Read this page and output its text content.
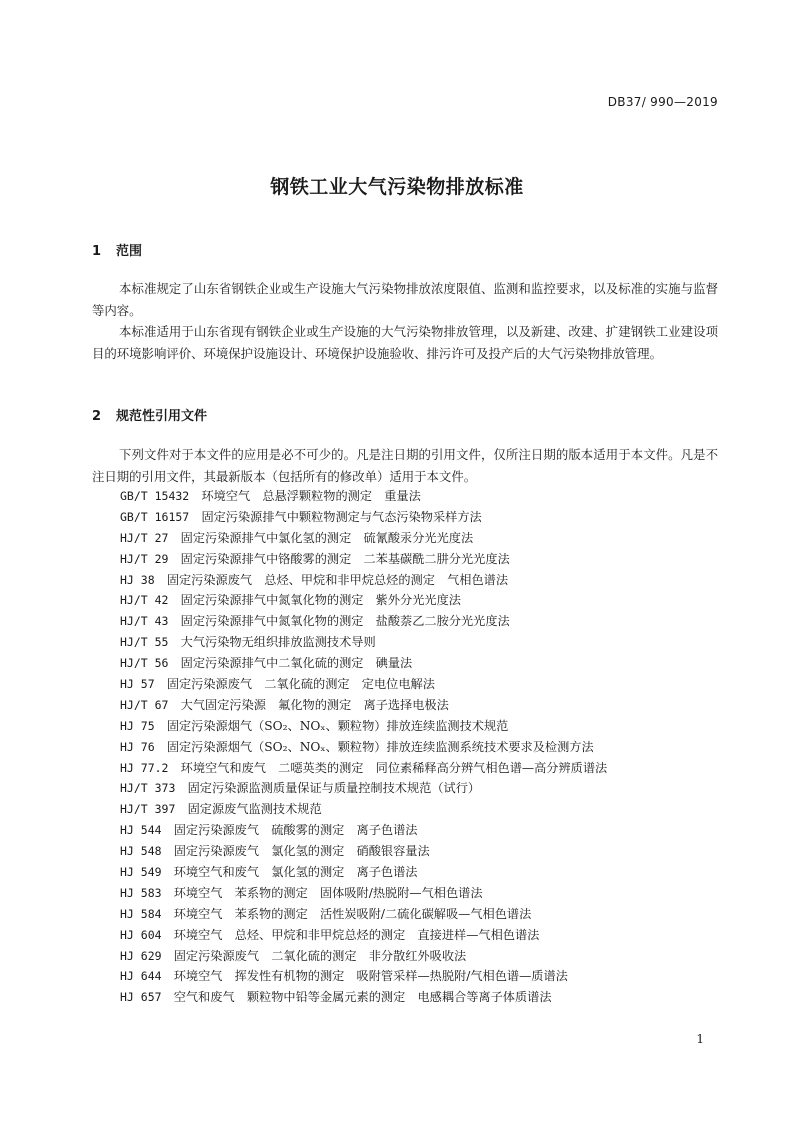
DB37/ 990—2019
钢铁工业大气污染物排放标准
1 范围

本标准规定了山东省钢铁企业或生产设施大气污染物排放浓度限值、监测和监控要求，以及标准的实施与监督等内容。

本标准适用于山东省现有钢铁企业或生产设施的大气污染物排放管理，以及新建、改建、扩建钢铁工业建设项目的环境影响评价、环境保护设施设计、环境保护设施验收、排污许可及投产后的大气污染物排放管理。

2 规范性引用文件

下列文件对于本文件的应用是必不可少的。凡是注日期的引用文件，仅所注日期的版本适用于本文件。凡是不注日期的引用文件，其最新版本（包括所有的修改单）适用于本文件。

GB/T 15432   环境空气　总悬浮颗粒物的测定　重量法
GB/T 16157   固定污染源排气中颗粒物测定与气态污染物采样方法
HJ/T 27   固定污染源排气中氯化氢的测定　硫氰酸汞分光光度法
HJ/T 29   固定污染源排气中铬酸雾的测定　二苯基碳酰二肼分光光度法
HJ 38   固定污染源废气　总烃、甲烷和非甲烷总烃的测定　气相色谱法
HJ/T 42   固定污染源排气中氮氧化物的测定　紫外分光光度法
HJ/T 43   固定污染源排气中氮氧化物的测定　盐酸萘乙二胺分光光度法
HJ/T 55   大气污染物无组织排放监测技术导则
HJ/T 56   固定污染源排气中二氧化硫的测定　碘量法
HJ 57   固定污染源废气　二氧化硫的测定　定电位电解法
HJ/T 67   大气固定污染源　氟化物的测定　离子选择电极法
HJ 75   固定污染源烟气（SO₂、NOₓ、颗粒物）排放连续监测技术规范
HJ 76   固定污染源烟气（SO₂、NOₓ、颗粒物）排放连续监测系统技术要求及检测方法
HJ 77.2   环境空气和废气　二噁英类的测定　同位素稀释高分辨气相色谱—高分辨质谱法
HJ/T 373   固定污染源监测质量保证与质量控制技术规范（试行）
HJ/T 397   固定源废气监测技术规范
HJ 544   固定污染源废气　硫酸雾的测定　离子色谱法
HJ 548   固定污染源废气　氯化氢的测定　硝酸银容量法
HJ 549   环境空气和废气　氯化氢的测定　离子色谱法
HJ 583   环境空气　苯系物的测定　固体吸附/热脱附—气相色谱法
HJ 584   环境空气　苯系物的测定　活性炭吸附/二硫化碳解吸—气相色谱法
HJ 604   环境空气　总烃、甲烷和非甲烷总烃的测定　直接进样—气相色谱法
HJ 629   固定污染源废气　二氧化硫的测定　非分散红外吸收法
HJ 644   环境空气　挥发性有机物的测定　吸附管采样—热脱附/气相色谱—质谱法
HJ 657   空气和废气　颗粒物中铅等金属元素的测定　电感耦合等离子体质谱法
1
